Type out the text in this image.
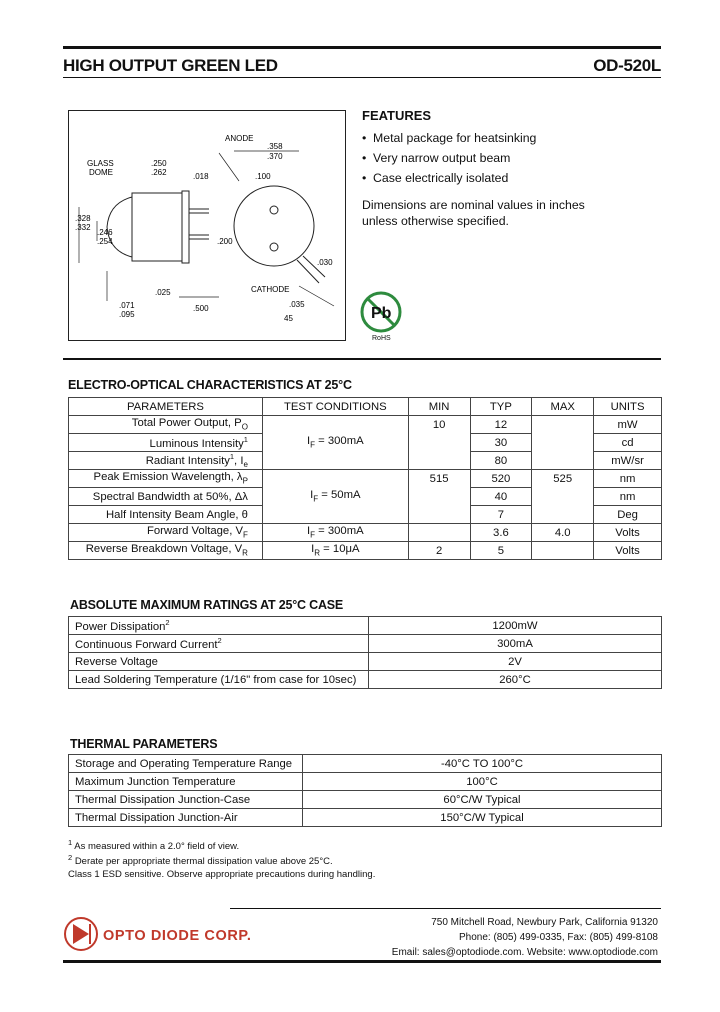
HIGH OUTPUT GREEN LED	OD-520L
ANODE
GLASS
DOME
CATHODE
.358
.370
.250
.262	.018	.100
.328
.332
.246
.254	.200
.030
.025
.500
.071
.095
.035
45
FEATURES
• Metal package for heatsinking
• Very narrow output beam
• Case electrically isolated

Dimensions are nominal values in inches unless otherwise specified.

Pb
RoHS
ELECTRO-OPTICAL CHARACTERISTICS AT 25°C
PARAMETERS	TEST CONDITIONS	MIN	TYP	MAX	UNITS
Total Power Output, $P_O$		10	12		mW
Luminous Intensity$^1$	$I_F = 300mA$		30		cd
Radiant Intensity$^1$, $I_e$			80		mW/sr
Peak Emission Wavelength, $\lambda_P$		515	520	525	nm
Spectral Bandwidth at 50%, Δλ	$I_F = 50mA$		40		nm
Half Intensity Beam Angle, θ			7		Deg
Forward Voltage, $V_F$	$I_F = 300mA$		3.6	4.0	Volts
Reverse Breakdown Voltage, $V_R$	$I_R = 10\mu A$	2	5		Volts
ABSOLUTE MAXIMUM RATINGS AT 25°C CASE
Power Dissipation$^2$	1200mW
Continuous Forward Current$^2$	300mA
Reverse Voltage	2V
Lead Soldering Temperature (1/16" from case for 10sec)	260°C
THERMAL PARAMETERS
Storage and Operating Temperature Range	-40°C TO 100°C
Maximum Junction Temperature	100°C
Thermal Dissipation Junction-Case	60°C/W Typical
Thermal Dissipation Junction-Air	150°C/W Typical
$^1$ As measured within a 2.0° field of view.
$^2$ Derate per appropriate thermal dissipation value above 25°C.
Class 1 ESD sensitive. Observe appropriate precautions during handling.
OPTO DIODE CORP.
750 Mitchell Road, Newbury Park, California 91320
Phone: (805) 499-0335, Fax: (805) 499-8108
Email: sales@optodiode.com. Website: www.optodiode.com
